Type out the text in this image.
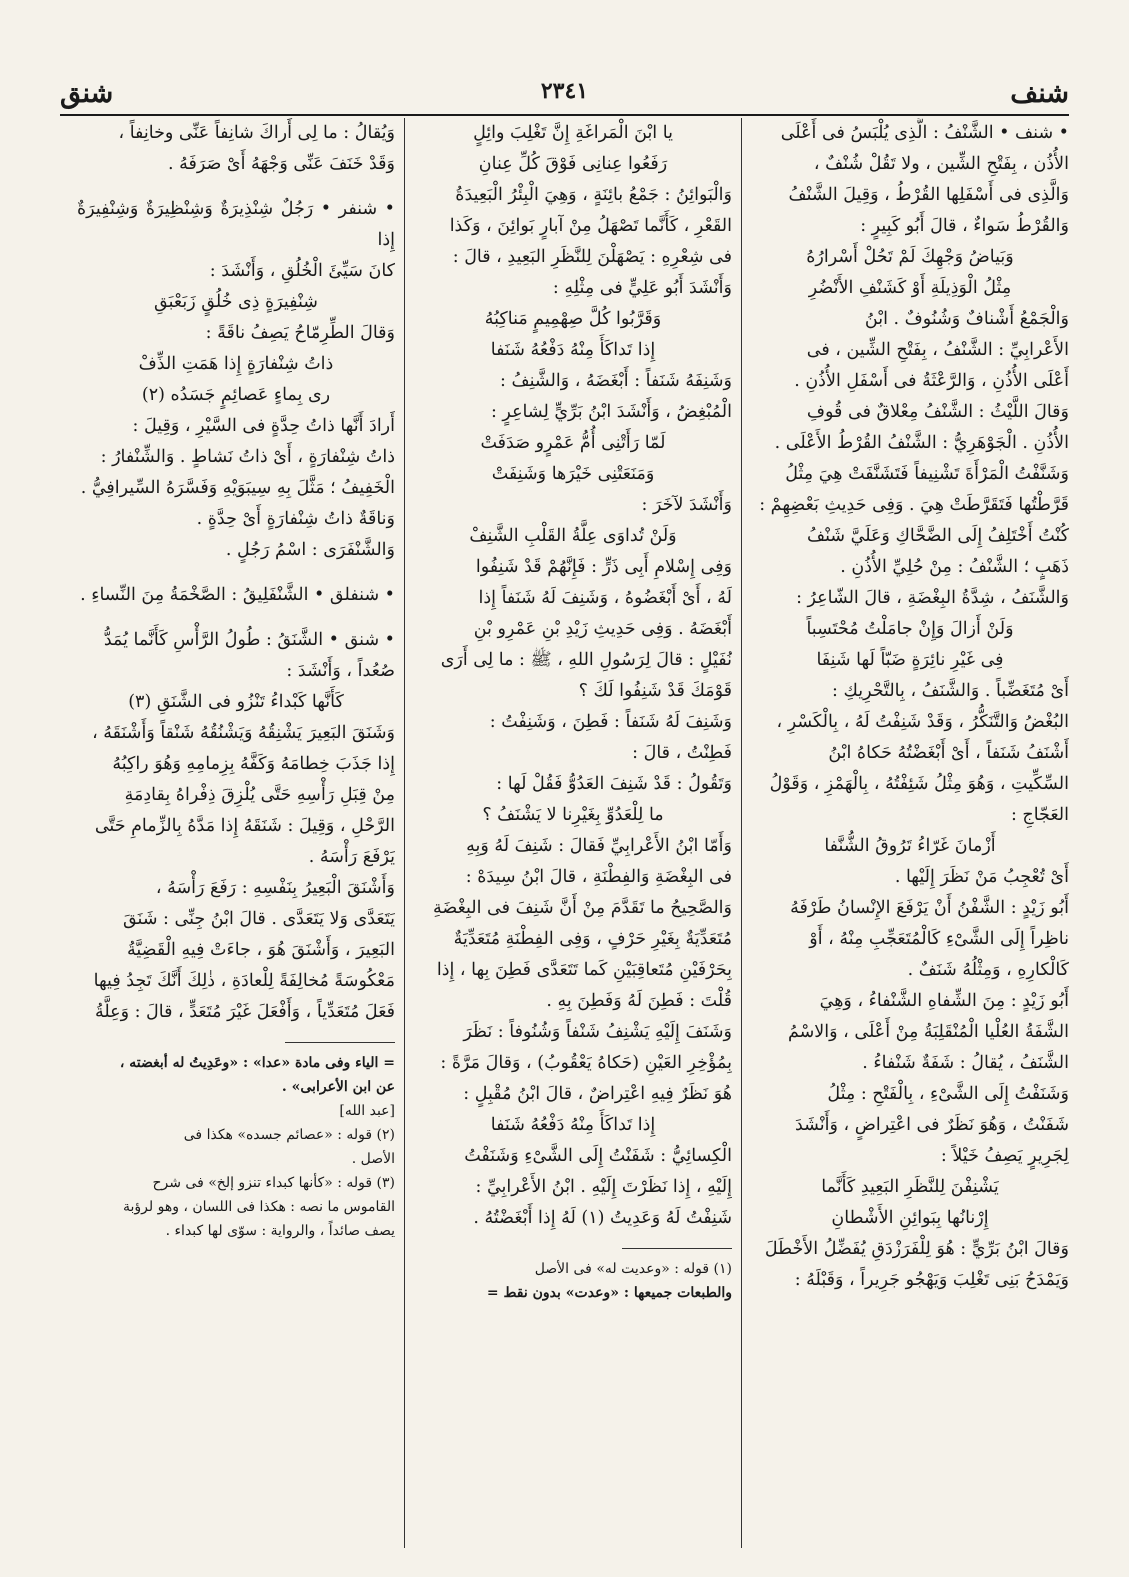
شنف
٢٣٤١
شنق

• شنف • الشَّنْفُ : الَّذِى يُلْبَسُ فى أَعْلَى

الأُذُن ، بِفَتْحِ الشِّين ، ولا تَقُلْ شُنْفٌ ،

وَالَّذِى فى أَسْفَلِها القُرْطُ ، وَقِيلَ الشَّنْفُ

وَالقُرْطُ سَواءٌ ، قالَ أَبُو كَبِيرٍ :

وَبَياضُ وَجْهِكَ لَمْ تَحُلْ أَسْرارُهُ

مِثْلُ الْوَذِيلَةِ أَوْ كَشَنْفِ الأَنْضُرِ

وَالْجَمْعُ أَشْنافٌ وَشُنُوفٌ . ابْنُ

الأَعْرابِيِّ : الشَّنْفُ ، بِفَتْحِ الشِّين ، فى

أَعْلَى الأُذُنِ ، وَالرَّعْثَةُ فى أَسْفَلِ الأُذُنِ .

وَقالَ اللَّيْثُ : الشَّنْفُ مِعْلاقٌ فى قُوفِ

الأُذُنِ . الْجَوْهَرِيُّ : الشَّنْفُ القُرْطُ الأَعْلَى .

وَشَنَّفْتُ الْمَرْأَةَ تَشْنِيفاً فَتَشَنَّفَتْ هِيَ مِثْلُ

قَرَّطْتُها فَتَقَرَّطَتْ هِيَ . وَفِى حَدِيثِ بَعْضِهِمْ :

كُنْتُ أَخْتَلِفُ إِلَى الضَّحَّاكِ وَعَلَيَّ شَنْفُ

ذَهَبٍ ؛ الشَّنْفُ : مِنْ حُلِيِّ الأُذُنِ .

وَالشَّنَفُ ، شِدَّةُ البِغْضَةِ ، قالَ الشّاعِرُ :

وَلَنْ أَزالَ وَإِنْ جامَلْتُ مُحْتَسِباً

فِى غَيْرِ نائِرَةٍ ضَبّاً لَها شَنِفَا

أَىْ مُتَغَضِّباً . وَالشَّنَفُ ، بِالتَّحْرِيكِ :

البُغْضُ وَالتَّنَكُّرُ ، وَقَدْ شَنِفْتُ لَهُ ، بِالْكَسْرِ ،

أَشْنَفُ شَنَفاً ، أَىْ أَبْغَضْتُهُ حَكاهُ ابْنُ

السِّكِّيتِ ، وَهُوَ مِثْلُ شَئِفْتُهُ ، بِالْهَمْزِ ، وَقَوْلُ

العَجّاجِ :

أَزْمانَ غَرّاءُ تَرُوقُ الشُّنَّفا

أَىْ تُعْجِبُ مَنْ نَظَرَ إِلَيْها .

أَبُو زَيْدٍ : الشَّفْنُ أَنْ يَرْفَعَ الإِنْسانُ طَرْفَهُ

ناظِراً إِلَى الشَّىْءِ كَالْمُتَعَجِّبِ مِنْهُ ، أَوْ

كَالْكارِهِ ، وَمِثْلُهُ شَنَفٌ .

أَبُو زَيْدٍ : مِنَ الشِّفاهِ الشَّنْفاءُ ، وَهِيَ

الشَّفَةُ العُلْيا الْمُنْقَلِبَةُ مِنْ أَعْلَى ، وَالاسْمُ

الشَّنَفُ ، يُقالُ : شَفَةٌ شَنْفاءُ .

وَشَنَفْتُ إِلَى الشَّىْءِ ، بِالْفَتْحِ : مِثْلُ

شَفَنْتُ ، وَهُوَ نَظَرٌ فى اعْتِراضٍ ، وَأَنْشَدَ

لِجَرِيرٍ يَصِفُ خَيْلاً :

يَشْنِفْنَ لِلنَّظَرِ البَعِيدِ كَأَنَّما

إِرْنانُها بِبَوائِنِ الأَشْطانِ

وَقالَ ابْنُ بَرِّيٍّ : هُوَ لِلْفَرَزْدَقِ يُفَضِّلُ الأَخْطَلَ

وَيَمْدَحُ بَنِى تَغْلِبَ وَيَهْجُو جَرِيراً ، وَقَبْلَهُ :

يا ابْنَ الْمَراغَةِ إِنَّ تَغْلِبَ وائِلٍ

رَفَعُوا عِنانِى فَوْقَ كُلِّ عِنانِ

وَالْبَوائِنُ : جَمْعُ بائِنَةٍ ، وَهِيَ الْبِئْرُ الْبَعِيدَةُ

القَعْرِ ، كَأَنَّما تَصْهَلُ مِنْ آبارٍ بَوائِنَ ، وَكَذا

فى شِعْرِهِ : يَصْهَلْنَ لِلنَّظَرِ البَعِيدِ ، قالَ :

وَأَنْشَدَ أَبُو عَلِيٍّ فى مِثْلِهِ :

وَقَرَّبُوا كُلَّ صِهْمِيمٍ مَناكِبُهُ

إِذا تَداكَأَ مِنْهُ دَفْعُهُ شَنَفا

وَشَنِفَهُ شَنَفاً : أَبْغَضَهُ ، وَالشَّنِفُ :

الْمُبْغِضُ ، وَأَنْشَدَ ابْنُ بَرِّيٍّ لِشاعِرٍ :

لَمّا رَأَتْنِى أُمُّ عَمْرٍو صَدَفَتْ

وَمَنَعَتْنِى خَيْرَها وَشَنِفَتْ

وَأَنْشَدَ لآخَرَ :

وَلَنْ تُداوَى عِلَّةُ القَلْبِ الشَّنِفْ

وَفِى إِسْلامِ أَبِى ذَرٍّ : فَإِنَّهُمْ قَدْ شَنِفُوا

لَهُ ، أَىْ أَبْغَضُوهُ ، وَشَنِفَ لَهُ شَنَفاً إِذا

أَبْغَضَهُ . وَفِى حَدِيثِ زَيْدِ بْنِ عَمْرِو بْنِ

نُفَيْلٍ : قالَ لِرَسُولِ اللهِ ، ﷺ : ما لِى أَرَى

قَوْمَكَ قَدْ شَنِفُوا لَكَ ؟

وَشَنِفَ لَهُ شَنَفاً : فَطِنَ ، وَشَنِفْتُ :

فَطِنْتُ ، قالَ :

وَتَقُولُ : قَدْ شَنِفَ العَدُوُّ فَقُلْ لَها :

ما لِلْعَدُوِّ بِغَيْرِنا لا يَشْنَفُ ؟

وَأَمّا ابْنُ الأَعْرابِيِّ فَقالَ : شَنِفَ لَهُ وَبِهِ

فى البِغْضَةِ وَالفِطْنَةِ ، قالَ ابْنُ سِيدَهْ :

وَالصَّحِيحُ ما تَقَدَّمَ مِنْ أَنَّ شَنِفَ فى البِغْضَةِ

مُتَعَدِّيَةٌ بِغَيْرِ حَرْفٍ ، وَفِى الفِطْنَةِ مُتَعَدِّيَةٌ

بِحَرْفَيْنِ مُتَعاقِبَيْنِ كَما تَتَعَدَّى فَطِنَ بِها ، إِذا

قُلْتَ : فَطِنَ لَهُ وَفَطِنَ بِهِ .

وَشَنَفَ إِلَيْهِ يَشْنِفُ شَنْفاً وَشُنُوفاً : نَظَرَ

بِمُؤْخِرِ العَيْنِ (حَكاهُ يَعْقُوبُ) ، وَقالَ مَرَّةً :

هُوَ نَظَرٌ فِيهِ اعْتِراضٌ ، قالَ ابْنُ مُقْبِلٍ :

إِذا تَداكَأَ مِنْهُ دَفْعُهُ شَنَفا

الْكِسائِيُّ : شَفَنْتُ إِلَى الشَّىْءِ وَشَنَفْتُ

إِلَيْهِ ، إِذا نَظَرْتَ إِلَيْهِ . ابْنُ الأَعْرابِيِّ :

شَنِفْتُ لَهُ وَعَدِيتُ (١) لَهُ إِذا أَبْغَضْتُهُ .

(١) قوله : «وعديت له» فى الأصل

والطبعات جميعها : «وعدت» بدون نقط =

وَيُقالُ : ما لِى أَراكَ شانِفاً عَنِّى وخانِفاً ،

وَقَدْ خَنَفَ عَنِّى وَجْهَهُ أَىْ صَرَفَهُ .

• شنفر • رَجُلٌ شِنْذِيرَةٌ وَشِنْظِيرَةٌ وَشِنْفِيرَةٌ إِذا

كانَ سَيِّئَ الْخُلُقِ ، وَأَنْشَدَ :

شِنْفِيرَةٍ ذِى خُلُقٍ زَبَعْبَقِ

وَقالَ الطِّرِمّاحُ يَصِفُ ناقَةً :

ذاتُ شِنْفارَةٍ إِذا هَمَتِ الذِّفْ

رى بِماءٍ عَصائِمٍ جَسَدُه (٢)

أَرادَ أَنَّها ذاتُ حِدَّةٍ فى السَّيْرِ ، وَقِيلَ :

ذاتُ شِنْفارَةٍ ، أَىْ ذاتُ نَشاطٍ . وَالشِّنْفارُ :

الْخَفِيفُ ؛ مَثَّلَ بِهِ سِيبَوَيْهِ وَفَسَّرَهُ السِّيرافِيُّ .

وَناقَةٌ ذاتُ شِنْفارَةٍ أَىْ حِدَّةٍ .

وَالشَّنْفَرَى : اسْمُ رَجُلٍ .

• شنفلق • الشَّنْفَلِيقُ : الصَّخْمَةُ مِنَ النِّساءِ .

• شنق • الشَّنَقُ : طُولُ الرَّأْسِ كَأَنَّما يُمَدُّ

صُعُداً ، وَأَنْشَدَ :

كَأَنَّها كَبْداءُ تَنْزُو فى الشَّنَقِ (٣)

وَشَنَقَ البَعِيرَ يَشْنِقُهُ وَيَشْنُقُهُ شَنْقاً وَأَشْنَقَهُ ،

إِذا جَذَبَ خِطامَهُ وَكَفَّهُ بِزِمامِهِ وَهُوَ راكِبُهُ

مِنْ قِبَلِ رَأْسِهِ حَتَّى يُلْزِقَ ذِفْراهُ بِقادِمَةِ

الرَّحْلِ ، وَقِيلَ : شَنَقَهُ إِذا مَدَّهُ بِالزِّمامِ حَتَّى

يَرْفَعَ رَأْسَهُ .

وَأَشْنَقَ الْبَعِيرُ بِنَفْسِهِ : رَفَعَ رَأْسَهُ ،

يَتَعَدَّى وَلا يَتَعَدَّى . قالَ ابْنُ جِنِّى : شَنَقَ

البَعِيرَ ، وَأَشْنَقَ هُوَ ، جاءَتْ فِيهِ الْقَضِيَّةُ

مَعْكُوسَةً مُخالِفَةً لِلْعادَةِ ، ذٰلِكَ أَنَّكَ تَجِدُ فِيها

فَعَلَ مُتَعَدِّياً ، وَأَفْعَلَ غَيْرَ مُتَعَدٍّ ، قالَ : وَعِلَّةُ

= الياء وفى مادة «عدا» : «وعَدِيتُ له أبغضته ،

عن ابن الأعرابى» .

[عبد الله]

(٢) قوله : «عصائم جسده» هكذا فى

الأصل .

(٣) قوله : «كأنها كبداء تنزو إلخ» فى شرح

القاموس ما نصه : هكذا فى اللسان ، وهو لرؤبة

يصف صائداً ، والرواية : سوّى لها كبداء .
